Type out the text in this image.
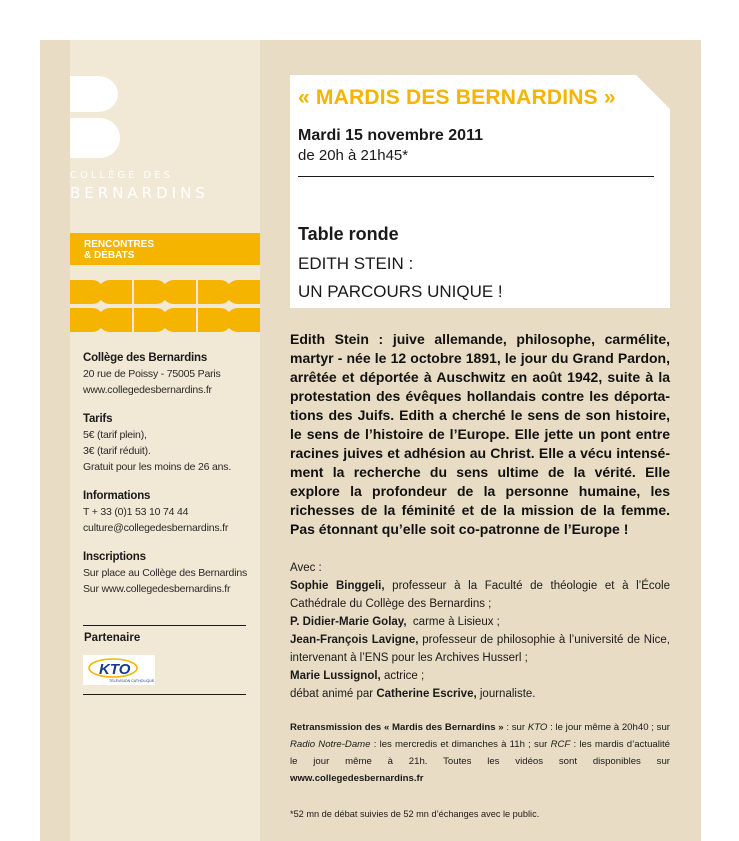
COLLÈGE DES
BERNARDINS
RENCONTRES
& DÉBATS
Collège des Bernardins
20 rue de Poissy - 75005 Paris
www.collegedesbernardins.fr
Tarifs
5€ (tarif plein),
3€ (tarif réduit).
Gratuit pour les moins de 26 ans.
Informations
T + 33 (0)1 53 10 74 44
culture@collegedesbernardins.fr
Inscriptions
Sur place au Collège des Bernardins
Sur www.collegedesbernardins.fr
Partenaire
KTO
TÉLÉVISION CATHOLIQUE
« MARDIS DES BERNARDINS »
Mardi 15 novembre 2011
de 20h à 21h45*
Table ronde
EDITH STEIN :
UN PARCOURS UNIQUE !

Edith Stein : juive allemande, philosophe, carmélite, martyr - née le 12 octobre 1891, le jour du Grand Pardon, arrêtée et déportée à Auschwitz en août 1942, suite à la protestation des évêques hollandais contre les déportations des Juifs. Edith a cherché le sens de son histoire, le sens de l’histoire de l’Europe. Elle jette un pont entre racines juives et adhésion au Christ. Elle a vécu intensément la recherche du sens ultime de la vérité. Elle explore la profondeur de la personne humaine, les richesses de la féminité et de la mission de la femme. Pas étonnant qu’elle soit co-patronne de l’Europe !

Avec :
Sophie Binggeli, professeur à la Faculté de théologie et à l’École Cathédrale du Collège des Bernardins ;
P. Didier-Marie Golay,  carme à Lisieux ;
Jean-François Lavigne, professeur de philosophie à l’université de Nice, intervenant à l’ENS pour les Archives Husserl ;
Marie Lussignol, actrice ;
débat animé par Catherine Escrive, journaliste.

Retransmission des « Mardis des Bernardins » : sur KTO : le jour même à 20h40 ; sur Radio Notre-Dame : les mercredis et dimanches à 11h ; sur RCF : les mardis d’actualité le jour même à 21h. Toutes les vidéos sont disponibles sur www.collegedesbernardins.fr

*52 mn de débat suivies de 52 mn d’échanges avec le public.
